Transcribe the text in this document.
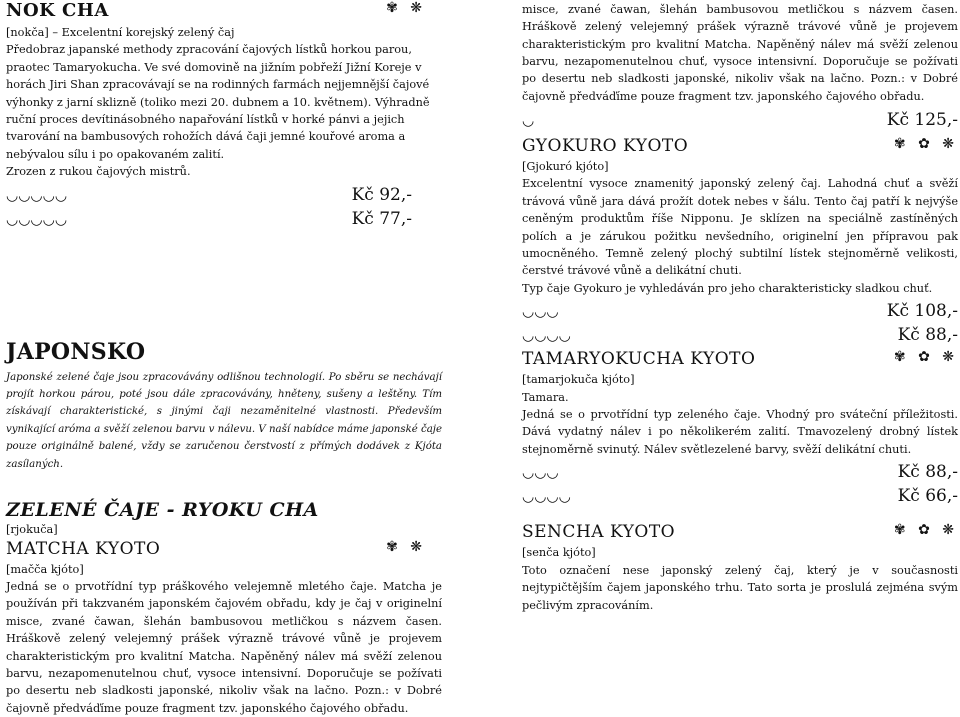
NOK CHA	✾ ❋
[nokča] – Excelentní korejský zelený čaj
Předobraz japanské methody zpracování čajových lístků horkou parou, praotec Tamaryokucha. Ve své domovině na jižním pobřeží Jižní Koreje v horách Jiri Shan zpracovávají se na rodinných farmách nejjemnější čajové výhonky z jarní sklizně (toliko mezi 20. dubnem a 10. květnem). Výhradně ruční proces devítinásobného napařování lístků v horké pánvi a jejich tvarování na bambusových rohožích dává čaji jemné kouřové aroma a nebývalou sílu i po opakovaném zalití.
Zrozen z rukou čajových mistrů.
◡◡◡◡◡	Kč 92,-
◡◡◡◡◡	Kč 77,-
JAPONSKO
Japonské zelené čaje jsou zpracovávány odlišnou technologií. Po sběru se nechávají projít horkou párou, poté jsou dále zpracovávány, hněteny, sušeny a leštěny. Tím získávají charakteristické, s jinými čaji nezaměnitelné vlastnosti. Především vynikající aróma a svěží zelenou barvu v nálevu. V naší nabídce máme japonské čaje pouze originálně balené, vždy se zaručenou čerstvostí z přímých dodávek z Kjóta zasílaných.
ZELENÉ ČAJE - RYOKU CHA
[rjokuča]
MATCHA KYOTO	✾ ❋
[maččа kjóto]
Jedná se o prvotřídní typ práškového velejemně mletého čaje. Matcha je používán při takzvaném japonském čajovém obřadu, kdy je čaj v originelní misce, zvané čawan, šlehán bambusovou metličkou s názvem časen. Hráškově zelený velejemný prášek výrazně trávové vůně je projevem charakteristickým pro kvalitní Matcha. Napěněný nálev má svěží zelenou barvu, nezapomenutelnou chuť, vysoce intensivní. Doporučuje se požívati po desertu neb sladkosti japonské, nikoliv však na lačno. Pozn.: v Dobré čajovně předváďíme pouze fragment tzv. japonského čajového obřadu.
misce, zvané čawan, šlehán bambusovou metličkou s názvem časen. Hráškově zelený velejemný prášek výrazně trávové vůně je projevem charakteristickým pro kvalitní Matcha. Napěněný nálev má svěží zelenou barvu, nezapomenutelnou chuť, vysoce intensivní. Doporučuje se požívati po desertu neb sladkosti japonské, nikoliv však na lačno. Pozn.: v Dobré čajovně předváďíme pouze fragment tzv. japonského čajového obřadu.
◡	Kč 125,-
GYOKURO KYOTO	✾ ✿ ❋
[Gjokuró kjóto]
Excelentní vysoce znamenitý japonský zelený čaj. Lahodná chuť a svěží trávová vůně jara dává prožít dotek nebes v šálu. Tento čaj patří k nejvýše ceněným produktům říše Nipponu. Je sklízen na speciálně zastíněných polích a je zárukou požitku nevšedního, originelní jen přípravou pak umocněného. Temně zelený plochý subtilní lístek stejnoměrně velikosti, čerstvé trávové vůně a delikátní chuti.
Typ čaje Gyokuro je vyhledáván pro jeho charakteristicky sladkou chuť.
◡◡◡	Kč 108,-
◡◡◡◡	Kč 88,-
TAMARYOKUCHA KYOTO	✾ ✿ ❋
[tamarjokuča kjóto]
Tamara.
Jedná se o prvotřídní typ zeleného čaje. Vhodný pro sváteční příležitosti. Dává vydatný nálev i po několikerém zalití. Tmavozelený drobný lístek stejnoměrně svinutý. Nálev světlezelené barvy, svěží delikátní chuti.
◡◡◡	Kč 88,-
◡◡◡◡	Kč 66,-
SENCHA KYOTO	✾ ✿ ❋
[senča kjóto]
Toto označení nese japonský zelený čaj, který je v současnosti nejtypičtějším čajem japonského trhu. Tato sorta je proslulá zejména svým pečlivým zpracováním.
